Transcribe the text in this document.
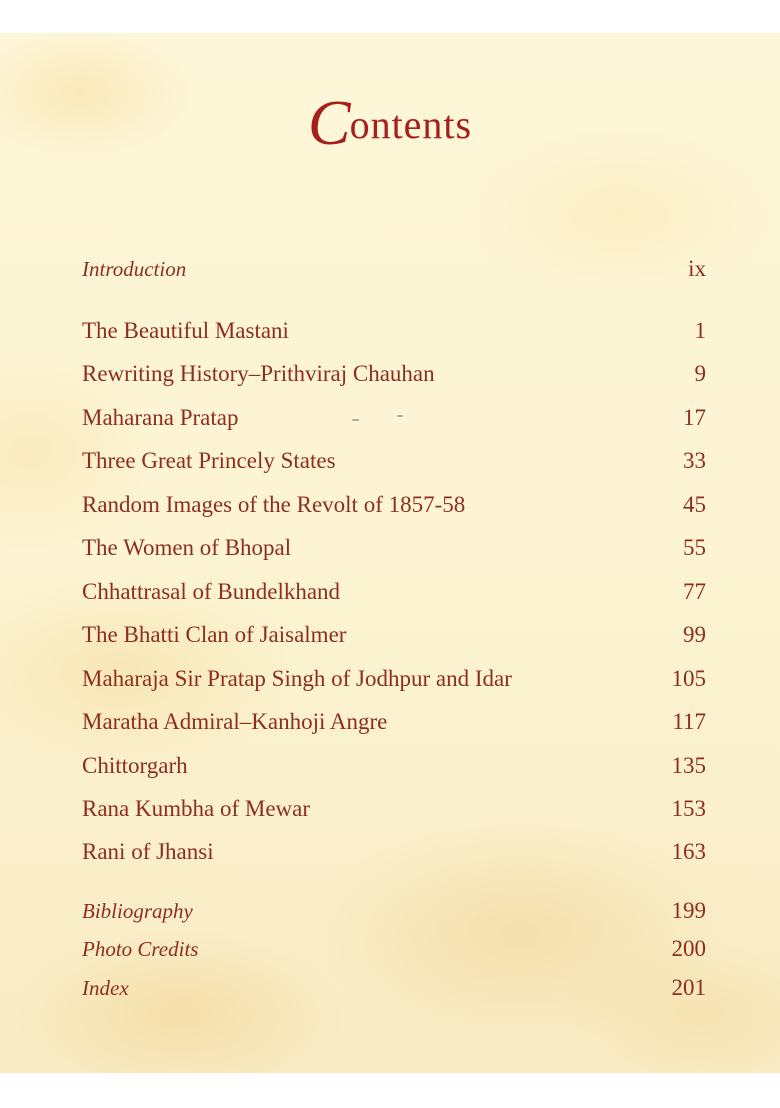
Contents
Introduction	ix
The Beautiful Mastani	1
Rewriting History–Prithviraj Chauhan	9
Maharana Pratap	17
Three Great Princely States	33
Random Images of the Revolt of 1857-58	45
The Women of Bhopal	55
Chhattrasal of Bundelkhand	77
The Bhatti Clan of Jaisalmer	99
Maharaja Sir Pratap Singh of Jodhpur and Idar	105
Maratha Admiral–Kanhoji Angre	117
Chittorgarh	135
Rana Kumbha of Mewar	153
Rani of Jhansi	163
Bibliography	199
Photo Credits	200
Index	201
